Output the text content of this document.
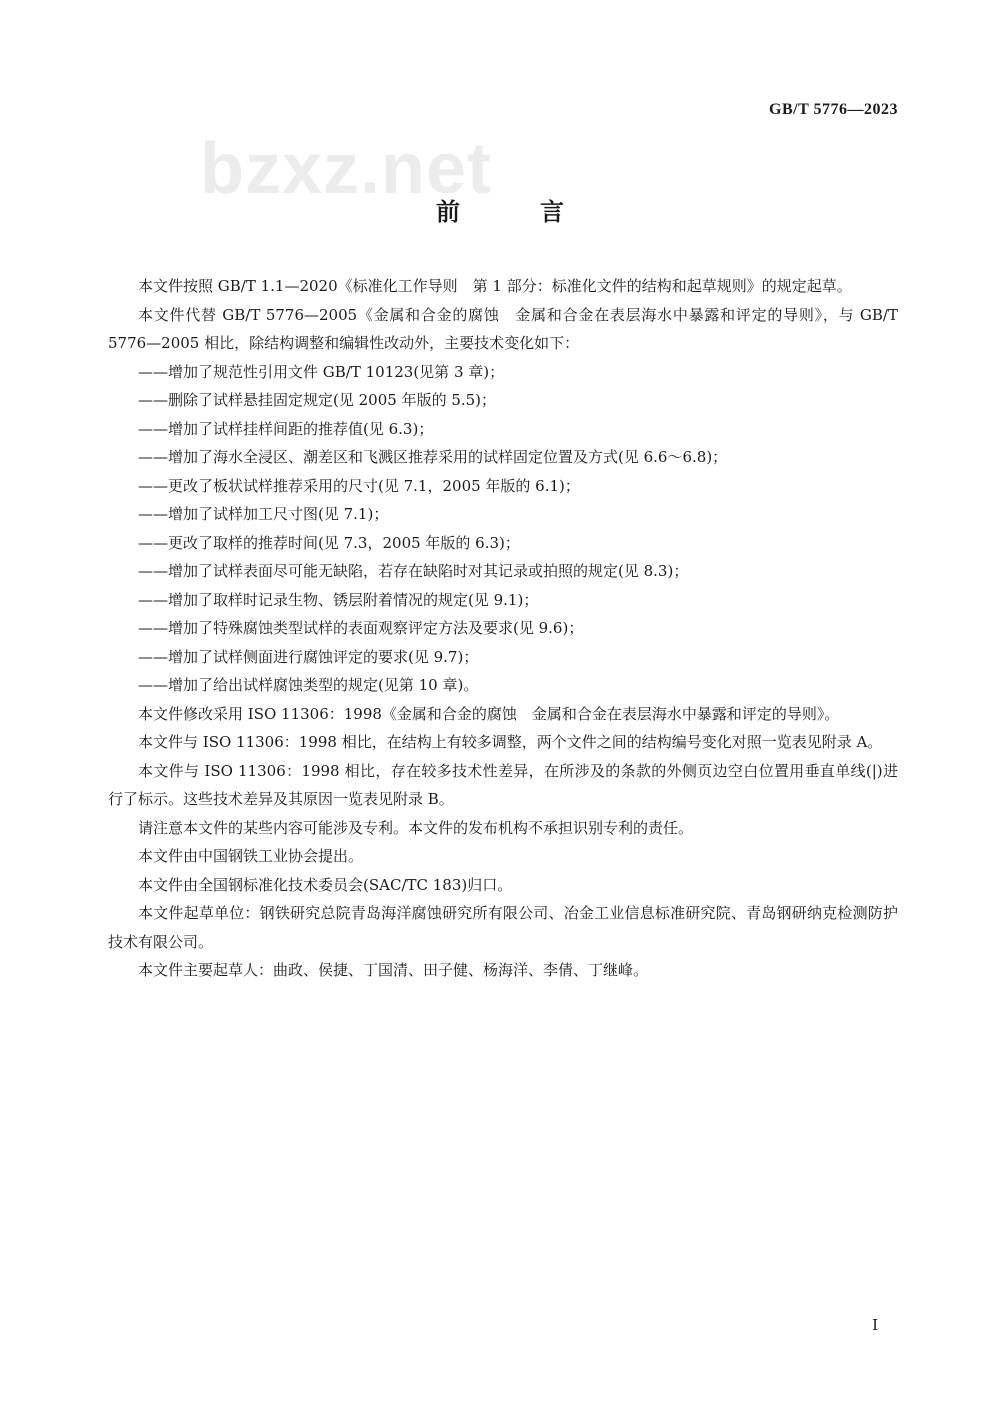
GB/T 5776—2023
bzxz.net
前　言

本文件按照 GB/T 1.1—2020《标准化工作导则　第 1 部分：标准化文件的结构和起草规则》的规定起草。

本文件代替 GB/T 5776—2005《金属和合金的腐蚀　金属和合金在表层海水中暴露和评定的导则》，与 GB/T 5776—2005 相比，除结构调整和编辑性改动外，主要技术变化如下：

——增加了规范性引用文件 GB/T 10123(见第 3 章)；

——删除了试样悬挂固定规定(见 2005 年版的 5.5)；

——增加了试样挂样间距的推荐值(见 6.3)；

——增加了海水全浸区、潮差区和飞溅区推荐采用的试样固定位置及方式(见 6.6～6.8)；

——更改了板状试样推荐采用的尺寸(见 7.1，2005 年版的 6.1)；

——增加了试样加工尺寸图(见 7.1)；

——更改了取样的推荐时间(见 7.3，2005 年版的 6.3)；

——增加了试样表面尽可能无缺陷，若存在缺陷时对其记录或拍照的规定(见 8.3)；

——增加了取样时记录生物、锈层附着情况的规定(见 9.1)；

——增加了特殊腐蚀类型试样的表面观察评定方法及要求(见 9.6)；

——增加了试样侧面进行腐蚀评定的要求(见 9.7)；

——增加了给出试样腐蚀类型的规定(见第 10 章)。

本文件修改采用 ISO 11306：1998《金属和合金的腐蚀　金属和合金在表层海水中暴露和评定的导则》。

本文件与 ISO 11306：1998 相比，在结构上有较多调整，两个文件之间的结构编号变化对照一览表见附录 A。

本文件与 ISO 11306：1998 相比，存在较多技术性差异，在所涉及的条款的外侧页边空白位置用垂直单线(|)进行了标示。这些技术差异及其原因一览表见附录 B。

请注意本文件的某些内容可能涉及专利。本文件的发布机构不承担识别专利的责任。

本文件由中国钢铁工业协会提出。

本文件由全国钢标准化技术委员会(SAC/TC 183)归口。

本文件起草单位：钢铁研究总院青岛海洋腐蚀研究所有限公司、冶金工业信息标准研究院、青岛钢研纳克检测防护技术有限公司。

本文件主要起草人：曲政、侯捷、丁国清、田子健、杨海洋、李倩、丁继峰。

I
